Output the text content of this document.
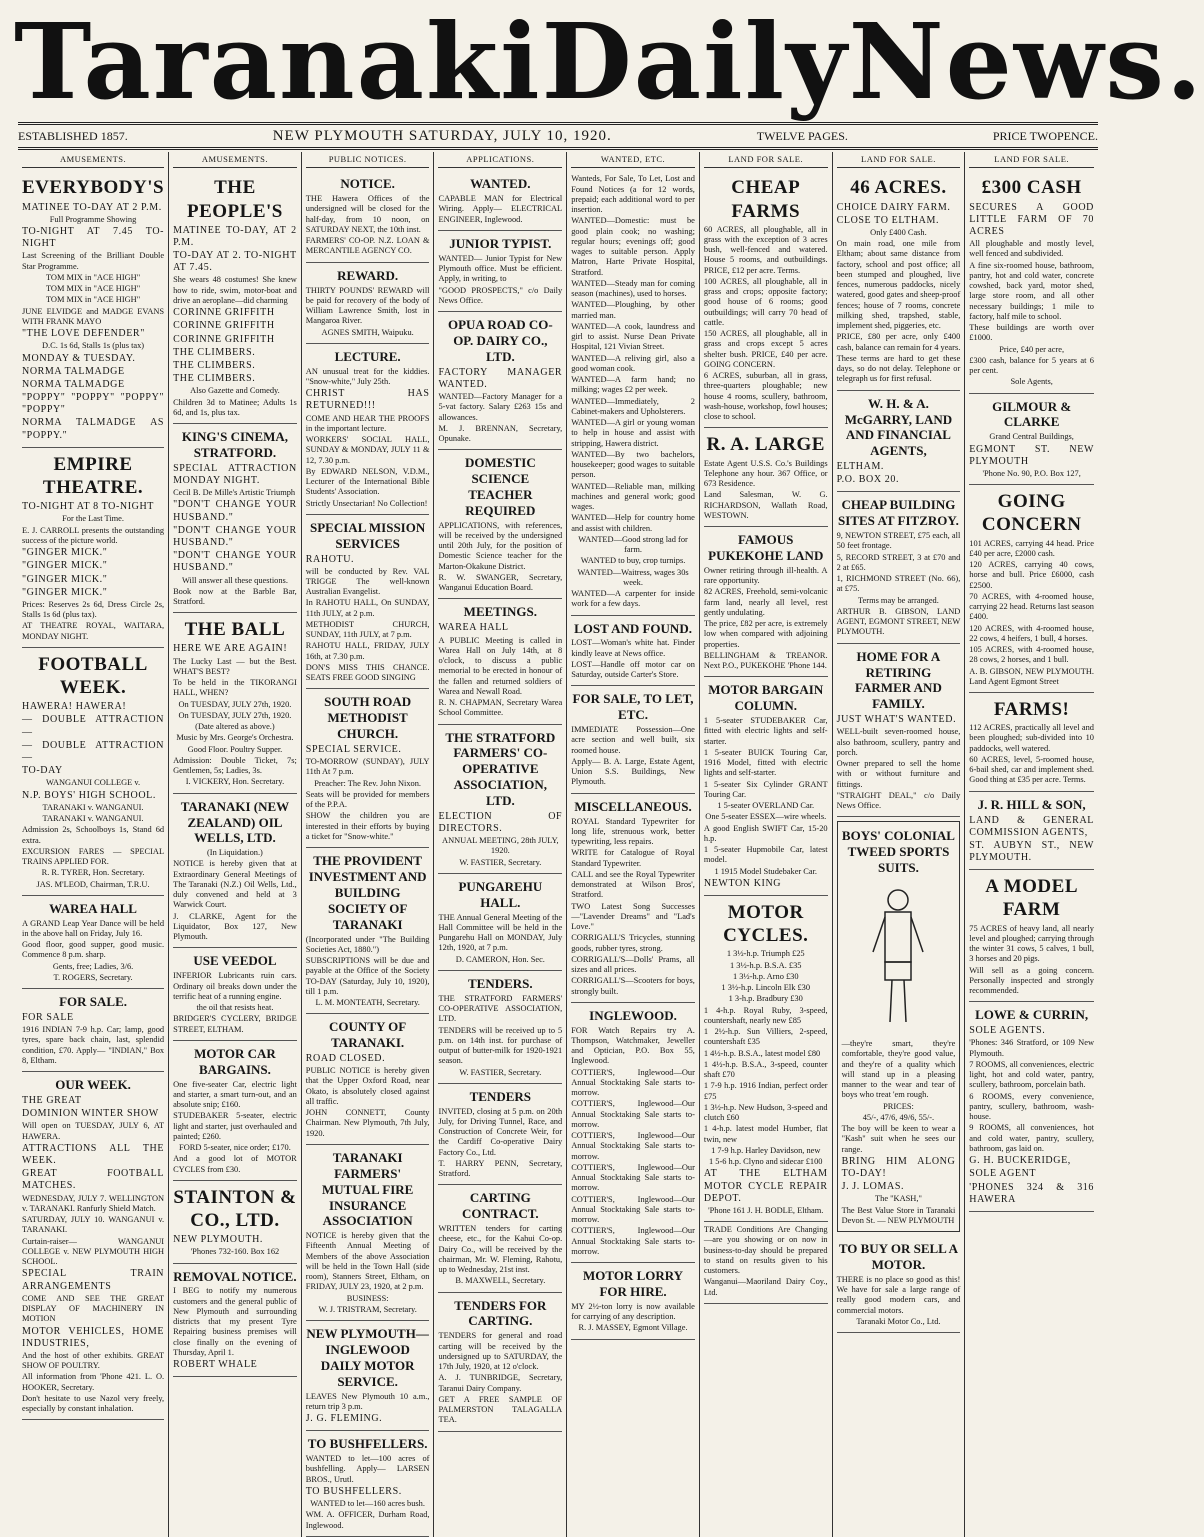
Taranaki Daily News.
ESTABLISHED 1857.	NEW PLYMOUTH SATURDAY, JULY 10, 1920.	TWELVE PAGES.	PRICE TWOPENCE.
AMUSEMENTS.
EVERYBODY'S

MATINEE TO-DAY AT 2 P.M.

Full Programme Showing

TO-NIGHT AT 7.45 TO-NIGHT

Last Screening of the Brilliant Double Star Programme.

TOM MIX in "ACE HIGH"

TOM MIX in "ACE HIGH"

TOM MIX in "ACE HIGH"

JUNE ELVIDGE and MADGE EVANS WITH FRANK MAYO

"THE LOVE DEFENDER"

D.C. 1s 6d, Stalls 1s (plus tax)

MONDAY & TUESDAY.

NORMA TALMADGE

NORMA TALMADGE

"POPPY" "POPPY" "POPPY" "POPPY"

NORMA TALMADGE AS "POPPY."

EMPIRE THEATRE.

TO-NIGHT AT 8 TO-NIGHT

For the Last Time.

E. J. CARROLL presents the outstanding success of the picture world.

"GINGER MICK."

"GINGER MICK."

"GINGER MICK."

"GINGER MICK."

Prices: Reserves 2s 6d, Dress Circle 2s, Stalls 1s 6d (plus tax).

AT THEATRE ROYAL, WAITARA, MONDAY NIGHT.

FOOTBALL WEEK.

HAWERA! HAWERA!

— DOUBLE ATTRACTION —

— DOUBLE ATTRACTION —

TO-DAY

WANGANUI COLLEGE v.

N.P. BOYS' HIGH SCHOOL.

TARANAKI v. WANGANUI.

TARANAKI v. WANGANUI.

Admission 2s, Schoolboys 1s, Stand 6d extra.

EXCURSION FARES — SPECIAL TRAINS APPLIED FOR.

R. R. TYRER, Hon. Secretary.

JAS. M'LEOD, Chairman, T.R.U.

WAREA HALL

A GRAND Leap Year Dance will be held in the above hall on Friday, July 16.

Good floor, good supper, good music. Commence 8 p.m. sharp.

Gents, free; Ladies, 3/6.

T. ROGERS, Secretary.

FOR SALE.

FOR SALE

1916 INDIAN 7-9 h.p. Car; lamp, good tyres, spare back chain, last, splendid condition, £70. Apply— "INDIAN," Box 8, Eltham.

OUR WEEK.

THE GREAT

DOMINION WINTER SHOW

Will open on TUESDAY, JULY 6, AT HAWERA.

ATTRACTIONS ALL THE WEEK.

GREAT FOOTBALL MATCHES.

WEDNESDAY, JULY 7. WELLINGTON v. TARANAKI. Ranfurly Shield Match.

SATURDAY, JULY 10. WANGANUI v. TARANAKI.

Curtain-raiser— WANGANUI COLLEGE v. NEW PLYMOUTH HIGH SCHOOL.

SPECIAL TRAIN ARRANGEMENTS

COME AND SEE THE GREAT DISPLAY OF MACHINERY IN MOTION

MOTOR VEHICLES, HOME INDUSTRIES,

And the host of other exhibits. GREAT SHOW OF POULTRY.

All information from 'Phone 421. L. O. HOOKER, Secretary.

Don't hesitate to use Nazol very freely, especially by constant inhalation.

AMUSEMENTS.
THE PEOPLE'S

MATINEE TO-DAY, AT 2 P.M.

TO-DAY AT 2. TO-NIGHT AT 7.45.

She wears 48 costumes! She knew how to ride, swim, motor-boat and drive an aeroplane—did charming

CORINNE GRIFFITH

CORINNE GRIFFITH

CORINNE GRIFFITH

THE CLIMBERS.

THE CLIMBERS.

THE CLIMBERS.

Also Gazette and Comedy.

Children 3d to Matinee; Adults 1s 6d, and 1s, plus tax.

KING'S CINEMA, STRATFORD.

SPECIAL ATTRACTION MONDAY NIGHT.

Cecil B. De Mille's Artistic Triumph

"DON'T CHANGE YOUR HUSBAND."

"DON'T CHANGE YOUR HUSBAND."

"DON'T CHANGE YOUR HUSBAND."

Will answer all these questions.

Book now at the Barble Bar, Stratford.

THE BALL

HERE WE ARE AGAIN!

The Lucky Last — but the Best. WHAT'S BEST?

To be held in the TIKORANGI HALL, WHEN?

On TUESDAY, JULY 27th, 1920.

On TUESDAY, JULY 27th, 1920.

(Date altered as above.)

Music by Mrs. George's Orchestra.

Good Floor. Poultry Supper.

Admission: Double Ticket, 7s; Gentlemen, 5s; Ladies, 3s.

I. VICKERY, Hon. Secretary.

TARANAKI (NEW ZEALAND) OIL WELLS, LTD.

(In Liquidation.)

NOTICE is hereby given that at Extraordinary General Meetings of The Taranaki (N.Z.) Oil Wells, Ltd., duly convened and held at 3 Warwick Court.

J. CLARKE, Agent for the Liquidator, Box 127, New Plymouth.

USE VEEDOL

INFERIOR Lubricants ruin cars. Ordinary oil breaks down under the terrific heat of a running engine.

the oil that resists heat.

BRIDGER'S CYCLERY, BRIDGE STREET, ELTHAM.

MOTOR CAR BARGAINS.

One five-seater Car, electric light and starter, a smart turn-out, and an absolute snip; £160.

STUDEBAKER 5-seater, electric light and starter, just overhauled and painted; £260.

FORD 5-seater, nice order; £170.

And a good lot of MOTOR CYCLES from £30.

STAINTON & CO., LTD.

NEW PLYMOUTH.

'Phones 732-160. Box 162

REMOVAL NOTICE.

I BEG to notify my numerous customers and the general public of New Plymouth and surrounding districts that my present Tyre Repairing business premises will close finally on the evening of Thursday, April 1.

ROBERT WHALE

PUBLIC NOTICES.
NOTICE.

THE Hawera Offices of the undersigned will be closed for the half-day, from 10 noon, on SATURDAY NEXT, the 10th inst.

FARMERS' CO-OP. N.Z. LOAN & MERCANTILE AGENCY CO.

REWARD.

THIRTY POUNDS' REWARD will be paid for recovery of the body of William Lawrence Smith, lost in Mangaroa River.

AGNES SMITH, Waipuku.

LECTURE.

AN unusual treat for the kiddies. "Snow-white," July 25th.

CHRIST HAS RETURNED!!!

COME AND HEAR THE PROOFS in the important lecture.

WORKERS' SOCIAL HALL, SUNDAY & MONDAY, JULY 11 & 12, 7.30 p.m.

By EDWARD NELSON, V.D.M., Lecturer of the International Bible Students' Association.

Strictly Unsectarian! No Collection!

SPECIAL MISSION SERVICES

RAHOTU.

will be conducted by Rev. VAL TRIGGE The well-known Australian Evangelist.

In RAHOTU HALL, On SUNDAY, 11th JULY, at 2 p.m.

METHODIST CHURCH, SUNDAY, 11th JULY, at 7 p.m.

RAHOTU HALL, FRIDAY, JULY 16th, at 7.30 p.m.

DON'S MISS THIS CHANCE. SEATS FREE GOOD SINGING

SOUTH ROAD METHODIST CHURCH.

SPECIAL SERVICE.

TO-MORROW (SUNDAY), JULY 11th At 7 p.m.

Preacher: The Rev. John Nixon.

Seats will be provided for members of the P.P.A.

SHOW the children you are interested in their efforts by buying a ticket for "Snow-white."

THE PROVIDENT INVESTMENT AND BUILDING SOCIETY OF TARANAKI

(Incorporated under "The Building Societies Act, 1880.")

SUBSCRIPTIONS will be due and payable at the Office of the Society TO-DAY (Saturday, July 10, 1920), till 1 p.m.

L. M. MONTEATH, Secretary.

COUNTY OF TARANAKI.

ROAD CLOSED.

PUBLIC NOTICE is hereby given that the Upper Oxford Road, near Okato, is absolutely closed against all traffic.

JOHN CONNETT, County Chairman. New Plymouth, 7th July, 1920.

TARANAKI FARMERS' MUTUAL FIRE INSURANCE ASSOCIATION

NOTICE is hereby given that the Fifteenth Annual Meeting of Members of the above Association will be held in the Town Hall (side room), Stanners Street, Eltham, on FRIDAY, JULY 23, 1920, at 2 p.m.

BUSINESS:

W. J. TRISTRAM, Secretary.

NEW PLYMOUTH—INGLEWOOD DAILY MOTOR SERVICE.

LEAVES New Plymouth 10 a.m., return trip 3 p.m.

J. G. FLEMING.

TO BUSHFELLERS.

WANTED to let—100 acres of bushfelling. Apply— LARSEN BROS., Urutl.

TO BUSHFELLERS.

WANTED to let—160 acres bush.

WM. A. OFFICER, Durham Road, Inglewood.

APPLICATIONS.
WANTED.

CAPABLE MAN for Electrical Wiring. Apply— ELECTRICAL ENGINEER, Inglewood.

JUNIOR TYPIST.

WANTED— Junior Typist for New Plymouth office. Must be efficient. Apply, in writing, to

"GOOD PROSPECTS," c/o Daily News Office.

OPUA ROAD CO-OP. DAIRY CO., LTD.

FACTORY MANAGER WANTED.

WANTED—Factory Manager for a 5-vat factory. Salary £263 15s and allowances.

M. J. BRENNAN, Secretary, Opunake.

DOMESTIC SCIENCE TEACHER REQUIRED

APPLICATIONS, with references, will be received by the undersigned until 20th July, for the position of Domestic Science teacher for the Marton-Okakune District.

R. W. SWANGER, Secretary, Wanganui Education Board.

MEETINGS.

WAREA HALL

A PUBLIC Meeting is called in Warea Hall on July 14th, at 8 o'clock, to discuss a public memorial to be erected in honour of the fallen and returned soldiers of Warea and Newall Road.

R. N. CHAPMAN, Secretary Warea School Committee.

THE STRATFORD FARMERS' CO-OPERATIVE ASSOCIATION, LTD.

ELECTION OF DIRECTORS.

ANNUAL MEETING, 28th JULY, 1920.

W. FASTIER, Secretary.

PUNGAREHU HALL.

THE Annual General Meeting of the Hall Committee will be held in the Pungarehu Hall on MONDAY, July 12th, 1920, at 7 p.m.

D. CAMERON, Hon. Sec.

TENDERS.

THE STRATFORD FARMERS' CO-OPERATIVE ASSOCIATION, LTD.

TENDERS will be received up to 5 p.m. on 14th inst. for purchase of output of butter-milk for 1920-1921 season.

W. FASTIER, Secretary.

TENDERS

INVITED, closing at 5 p.m. on 20th July, for Driving Tunnel, Race, and Construction of Concrete Weir, for the Cardiff Co-operative Dairy Factory Co., Ltd.

T. HARRY PENN, Secretary, Stratford.

CARTING CONTRACT.

WRITTEN tenders for carting cheese, etc., for the Kahui Co-op. Dairy Co., will be received by the chairman, Mr. W. Fleming, Rahotu, up to Wednesday, 21st inst.

B. MAXWELL, Secretary.

TENDERS FOR CARTING.

TENDERS for general and road carting will be received by the undersigned up to SATURDAY, the 17th July, 1920, at 12 o'clock.

A. J. TUNBRIDGE, Secretary, Taranui Dairy Company.

GET A FREE SAMPLE OF PALMERSTON TALAGALLA TEA.

WANTED, ETC.

Wanteds, For Sale, To Let, Lost and Found Notices (a for 12 words, prepaid; each additional word to per insertion.

WANTED—Domestic: must be good plain cook; no washing; regular hours; evenings off; good wages to suitable person. Apply Matron, Harte Private Hospital, Stratford.

WANTED—Steady man for coming season (machines), used to horses.

WANTED—Ploughing, by other married man.

WANTED—A cook, laundress and girl to assist. Nurse Dean Private Hospital, 121 Vivian Street.

WANTED—A reliving girl, also a good woman cook.

WANTED—A farm hand; no milking; wages £2 per week.

WANTED—Immediately, 2 Cabinet-makers and Upholsterers.

WANTED—A girl or young woman to help in house and assist with stripping, Hawera district.

WANTED—By two bachelors, housekeeper; good wages to suitable person.

WANTED—Reliable man, milking machines and general work; good wages.

WANTED—Help for country home and assist with children.

WANTED—Good strong lad for farm.

WANTED to buy, crop turnips.

WANTED—Waitress, wages 30s week.

WANTED—A carpenter for inside work for a few days.

LOST AND FOUND.

LOST—Woman's white hat. Finder kindly leave at News office.

LOST—Handle off motor car on Saturday, outside Carter's Store.

FOR SALE, TO LET, ETC.

IMMEDIATE Possession—One acre section and well built, six roomed house.

Apply— B. A. Large, Estate Agent, Union S.S. Buildings, New Plymouth.

MISCELLANEOUS.

ROYAL Standard Typewriter for long life, strenuous work, better typewriting, less repairs.

WRITE for Catalogue of Royal Standard Typewriter.

CALL and see the Royal Typewriter demonstrated at Wilson Bros', Stratford.

TWO Latest Song Successes—"Lavender Dreams" and "Lad's Love."

CORRIGALL'S Tricycles, stunning goods, rubber tyres, strong.

CORRIGALL'S—Dolls' Prams, all sizes and all prices.

CORRIGALL'S—Scooters for boys, strongly built.

INGLEWOOD.

FOR Watch Repairs try A. Thompson, Watchmaker, Jeweller and Optician, P.O. Box 55, Inglewood.

COTTIER'S, Inglewood—Our Annual Stocktaking Sale starts to-morrow.

COTTIER'S, Inglewood—Our Annual Stocktaking Sale starts to-morrow.

COTTIER'S, Inglewood—Our Annual Stocktaking Sale starts to-morrow.

COTTIER'S, Inglewood—Our Annual Stocktaking Sale starts to-morrow.

COTTIER'S, Inglewood—Our Annual Stocktaking Sale starts to-morrow.

COTTIER'S, Inglewood—Our Annual Stocktaking Sale starts to-morrow.

MOTOR LORRY FOR HIRE.

MY 2½-ton lorry is now available for carrying of any description.

R. J. MASSEY, Egmont Village.

LAND FOR SALE.
CHEAP FARMS

60 ACRES, all ploughable, all in grass with the exception of 3 acres bush, well-fenced and watered. House 5 rooms, and outbuildings. PRICE, £12 per acre. Terms.

100 ACRES, all ploughable, all in grass and crops; opposite factory; good house of 6 rooms; good outbuildings; will carry 70 head of cattle.

150 ACRES, all ploughable, all in grass and crops except 5 acres shelter bush. PRICE, £40 per acre. GOING CONCERN.

6 ACRES, suburban, all in grass, three-quarters ploughable; new house 4 rooms, scullery, bathroom, wash-house, workshop, fowl houses; close to school.

R. A. LARGE

Estate Agent U.S.S. Co.'s Buildings Telephone any hour. 367 Office, or 673 Residence.

Land Salesman, W. G. RICHARDSON, Wallath Road, WESTOWN.

FAMOUS PUKEKOHE LAND

Owner retiring through ill-health. A rare opportunity.

82 ACRES, Freehold, semi-volcanic farm land, nearly all level, rest gently undulating.

The price, £82 per acre, is extremely low when compared with adjoining properties.

BELLINGHAM & TREANOR. Next P.O., PUKEKOHE 'Phone 144.

MOTOR BARGAIN COLUMN.

1 5-seater STUDEBAKER Car, fitted with electric lights and self-starter.

1 5-seater BUICK Touring Car, 1916 Model, fitted with electric lights and self-starter.

1 5-seater Six Cylinder GRANT Touring Car.

1 5-seater OVERLAND Car.

One 5-seater ESSEX—wire wheels.

A good English SWIFT Car, 15-20 h.p.

1 5-seater Hupmobile Car, latest model.

1 1915 Model Studebaker Car.

NEWTON KING

MOTOR CYCLES.

1 3½-h.p. Triumph £25

1 3½-h.p. B.S.A. £35

1 3½-h.p. Arno £30

1 3½-h.p. Lincoln Elk £30

1 3-h.p. Bradbury £30

1 4-h.p. Royal Ruby, 3-speed, countershaft, nearly new £85

1 2½-h.p. Sun Villiers, 2-speed, countershaft £35

1 4½-h.p. B.S.A., latest model £80

1 4½-h.p. B.S.A., 3-speed, counter shaft £70

1 7-9 h.p. 1916 Indian, perfect order £75

1 3½-h.p. New Hudson, 3-speed and clutch £60

1 4-h.p. latest model Humber, flat twin, new

1 7-9 h.p. Harley Davidson, new

1 5-6 h.p. Clyno and sidecar £100

AT THE ELTHAM MOTOR CYCLE REPAIR DEPOT.

'Phone 161 J. H. BODLE, Eltham.

TRADE Conditions Are Changing—are you showing or on now in business-to-day should be prepared to stand on results given to his customers.

Wanganui—Maoriland Dairy Coy., Ltd.

LAND FOR SALE.
46 ACRES.

CHOICE DAIRY FARM.

CLOSE TO ELTHAM.

Only £400 Cash.

On main road, one mile from Eltham; about same distance from factory, school and post office; all been stumped and ploughed, live fences, numerous paddocks, nicely watered, good gates and sheep-proof fences; house of 7 rooms, concrete milking shed, trapshed, stable, implement shed, piggeries, etc.

PRICE, £80 per acre, only £400 cash, balance can remain for 4 years.

These terms are hard to get these days, so do not delay. Telephone or telegraph us for first refusal.

W. H. & A. McGARRY, LAND AND FINANCIAL AGENTS,

ELTHAM.

P.O. BOX 20.

CHEAP BUILDING SITES AT FITZROY.

9, NEWTON STREET, £75 each, all 50 feet frontage.

5, RECORD STREET, 3 at £70 and 2 at £65.

1, RICHMOND STREET (No. 66), at £75.

Terms may be arranged.

ARTHUR B. GIBSON, LAND AGENT, EGMONT STREET, NEW PLYMOUTH.

HOME FOR A RETIRING FARMER AND FAMILY.

JUST WHAT'S WANTED.

WELL-built seven-roomed house, also bathroom, scullery, pantry and porch.

Owner prepared to sell the home with or without furniture and fittings.

"STRAIGHT DEAL," c/o Daily News Office.

BOYS' COLONIAL TWEED SPORTS SUITS.

—they're smart, they're comfortable, they're good value, and they're of a quality which will stand up in a pleasing manner to the wear and tear of boys who treat 'em rough.

PRICES:

45/-, 47/6, 49/6, 55/-.

The boy will be keen to wear a "Kash" suit when he sees our range.

BRING HIM ALONG TO-DAY!

J. J. LOMAS.

The "KASH,"

The Best Value Store in Taranaki Devon St. — NEW PLYMOUTH

TO BUY OR SELL A MOTOR.

THERE is no place so good as this! We have for sale a large range of really good modern cars, and commercial motors.

Taranaki Motor Co., Ltd.

LAND FOR SALE.
£300 CASH

SECURES A GOOD LITTLE FARM OF 70 ACRES

All ploughable and mostly level, well fenced and subdivided.

A fine six-roomed house, bathroom, pantry, hot and cold water, concrete cowshed, back yard, motor shed, large store room, and all other necessary buildings; 1 mile to factory, half mile to school.

These buildings are worth over £1000.

Price, £40 per acre,

£300 cash, balance for 5 years at 6 per cent.

Sole Agents,

GILMOUR & CLARKE

Grand Central Buildings,

EGMONT ST. NEW PLYMOUTH

'Phone No. 90, P.O. Box 127,

GOING CONCERN

101 ACRES, carrying 44 head. Price £40 per acre, £2000 cash.

120 ACRES, carrying 40 cows, horse and bull. Price £6000, cash £2500.

70 ACRES, with 4-roomed house, carrying 22 head. Returns last season £400.

120 ACRES, with 4-roomed house, 22 cows, 4 heifers, 1 bull, 4 horses.

105 ACRES, with 4-roomed house, 28 cows, 2 horses, and 1 bull.

A. B. GIBSON, NEW PLYMOUTH. Land Agent Egmont Street

FARMS!

112 ACRES, practically all level and been ploughed; sub-divided into 10 paddocks, well watered.

60 ACRES, level, 5-roomed house, 6-bail shed, car and implement shed. Good thing at £35 per acre. Terms.

J. R. HILL & SON,

LAND & GENERAL COMMISSION AGENTS,

ST. AUBYN ST., NEW PLYMOUTH.

A MODEL FARM

75 ACRES of heavy land, all nearly level and ploughed; carrying through the winter 31 cows, 5 calves, 1 bull, 3 horses and 20 pigs.

Will sell as a going concern. Personally inspected and strongly recommended.

LOWE & CURRIN,

SOLE AGENTS.

'Phones: 346 Stratford, or 109 New Plymouth.

7 ROOMS, all conveniences, electric light, hot and cold water, pantry, scullery, bathroom, porcelain bath.

6 ROOMS, every convenience, pantry, scullery, bathroom, wash-house.

9 ROOMS, all conveniences, hot and cold water, pantry, scullery, bathroom, gas laid on.

G. H. BUCKERIDGE,

SOLE AGENT

'PHONES 324 & 316 HAWERA
